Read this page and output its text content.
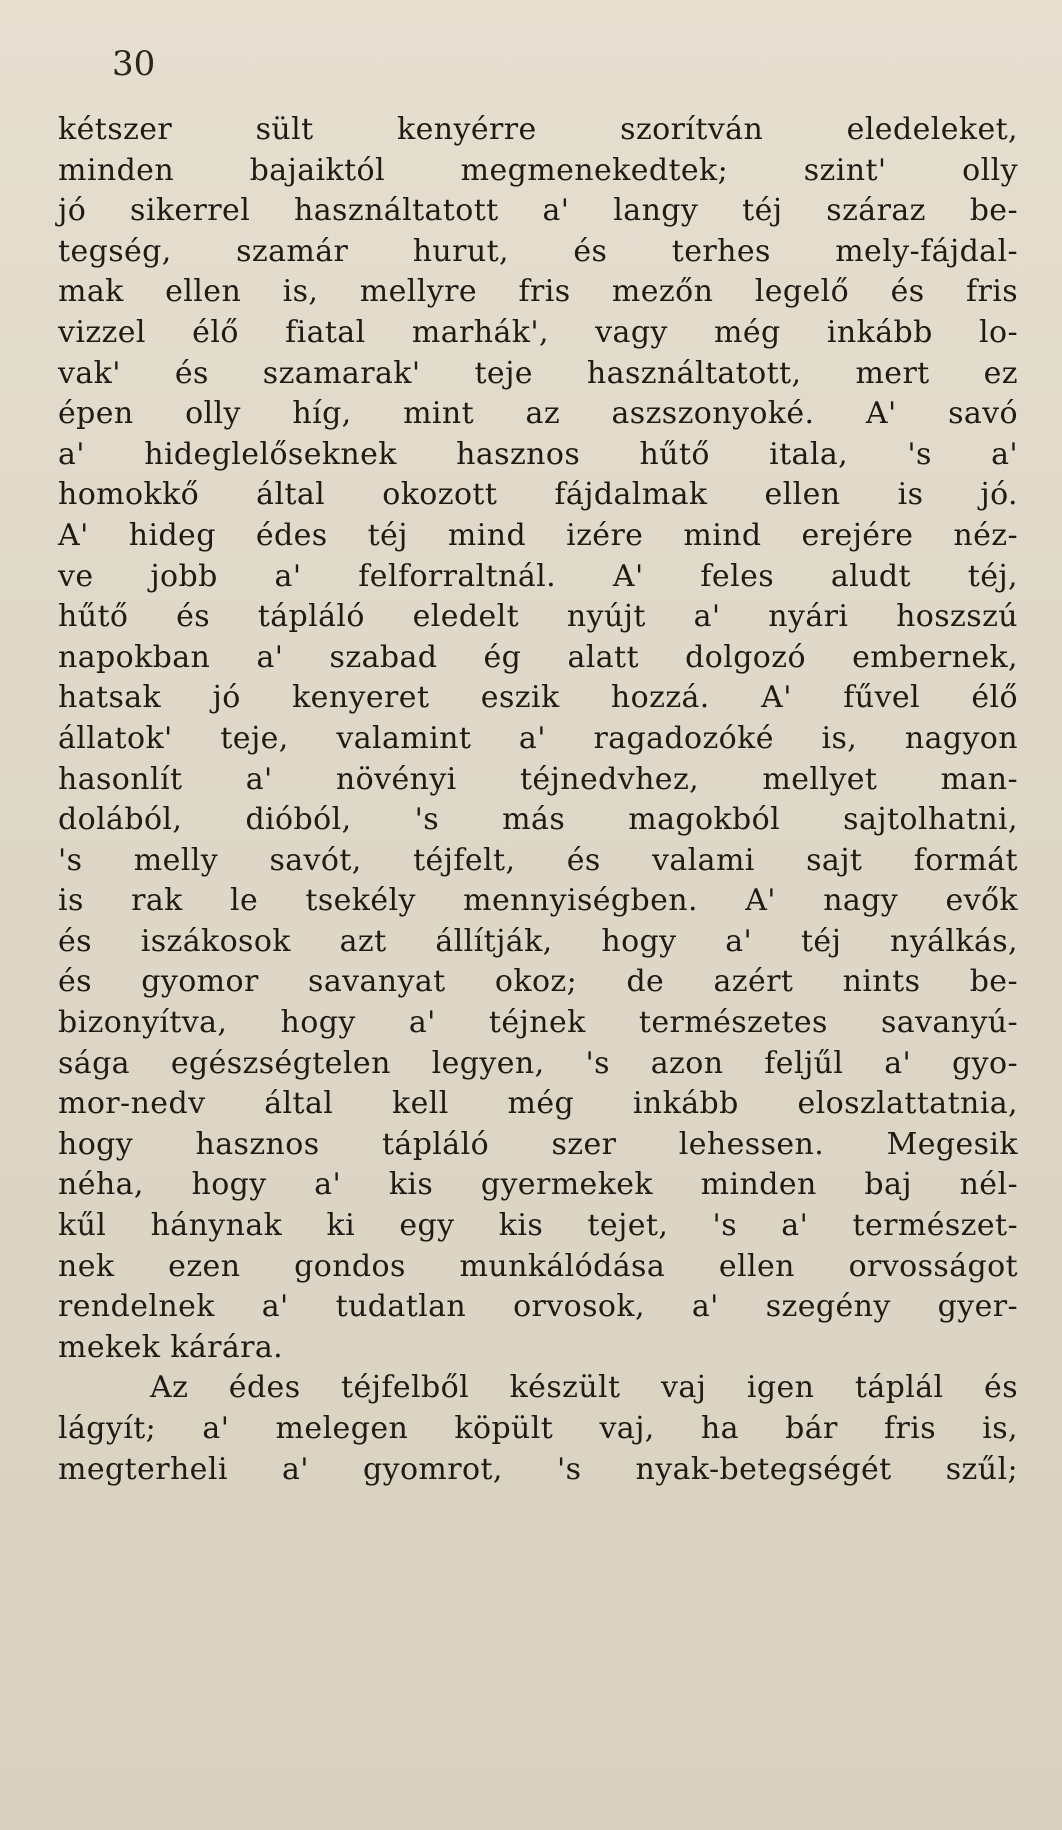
30
kétszer sült kenyérre szorítván eledeleket,
minden bajaiktól megmenekedtek; szint' olly
jó sikerrel használtatott a' langy téj száraz be-
tegség, szamár hurut, és terhes mely-fájdal-
mak ellen is, mellyre fris mezőn legelő és fris
vizzel élő fiatal marhák', vagy még inkább lo-
vak' és szamarak' teje használtatott, mert ez
épen olly híg, mint az aszszonyoké. A' savó
a' hideglelőseknek hasznos hűtő itala, 's a'
homokkő által okozott fájdalmak ellen is jó.
A' hideg édes téj mind izére mind erejére néz-
ve jobb a' felforraltnál. A' feles aludt téj,
hűtő és tápláló eledelt nyújt a' nyári hoszszú
napokban a' szabad ég alatt dolgozó embernek,
hatsak jó kenyeret eszik hozzá. A' fűvel élő
állatok' teje, valamint a' ragadozóké is, nagyon
hasonlít a' növényi téjnedvhez, mellyet man-
dolából, dióból, 's más magokból sajtolhatni,
's melly savót, téjfelt, és valami sajt formát
is rak le tsekély mennyiségben. A' nagy evők
és iszákosok azt állítják, hogy a' téj nyálkás,
és gyomor savanyat okoz; de azért nints be-
bizonyítva, hogy a' téjnek természetes savanyú-
sága egészségtelen legyen, 's azon feljűl a' gyo-
mor-nedv által kell még inkább eloszlattatnia,
hogy hasznos tápláló szer lehessen. Megesik
néha, hogy a' kis gyermekek minden baj nél-
kűl hánynak ki egy kis tejet, 's a' természet-
nek ezen gondos munkálódása ellen orvosságot
rendelnek a' tudatlan orvosok, a' szegény gyer-
mekek kárára.
Az édes téjfelből készült vaj igen táplál és
lágyít; a' melegen köpült vaj, ha bár fris is,
megterheli a' gyomrot, 's nyak-betegségét szűl;
